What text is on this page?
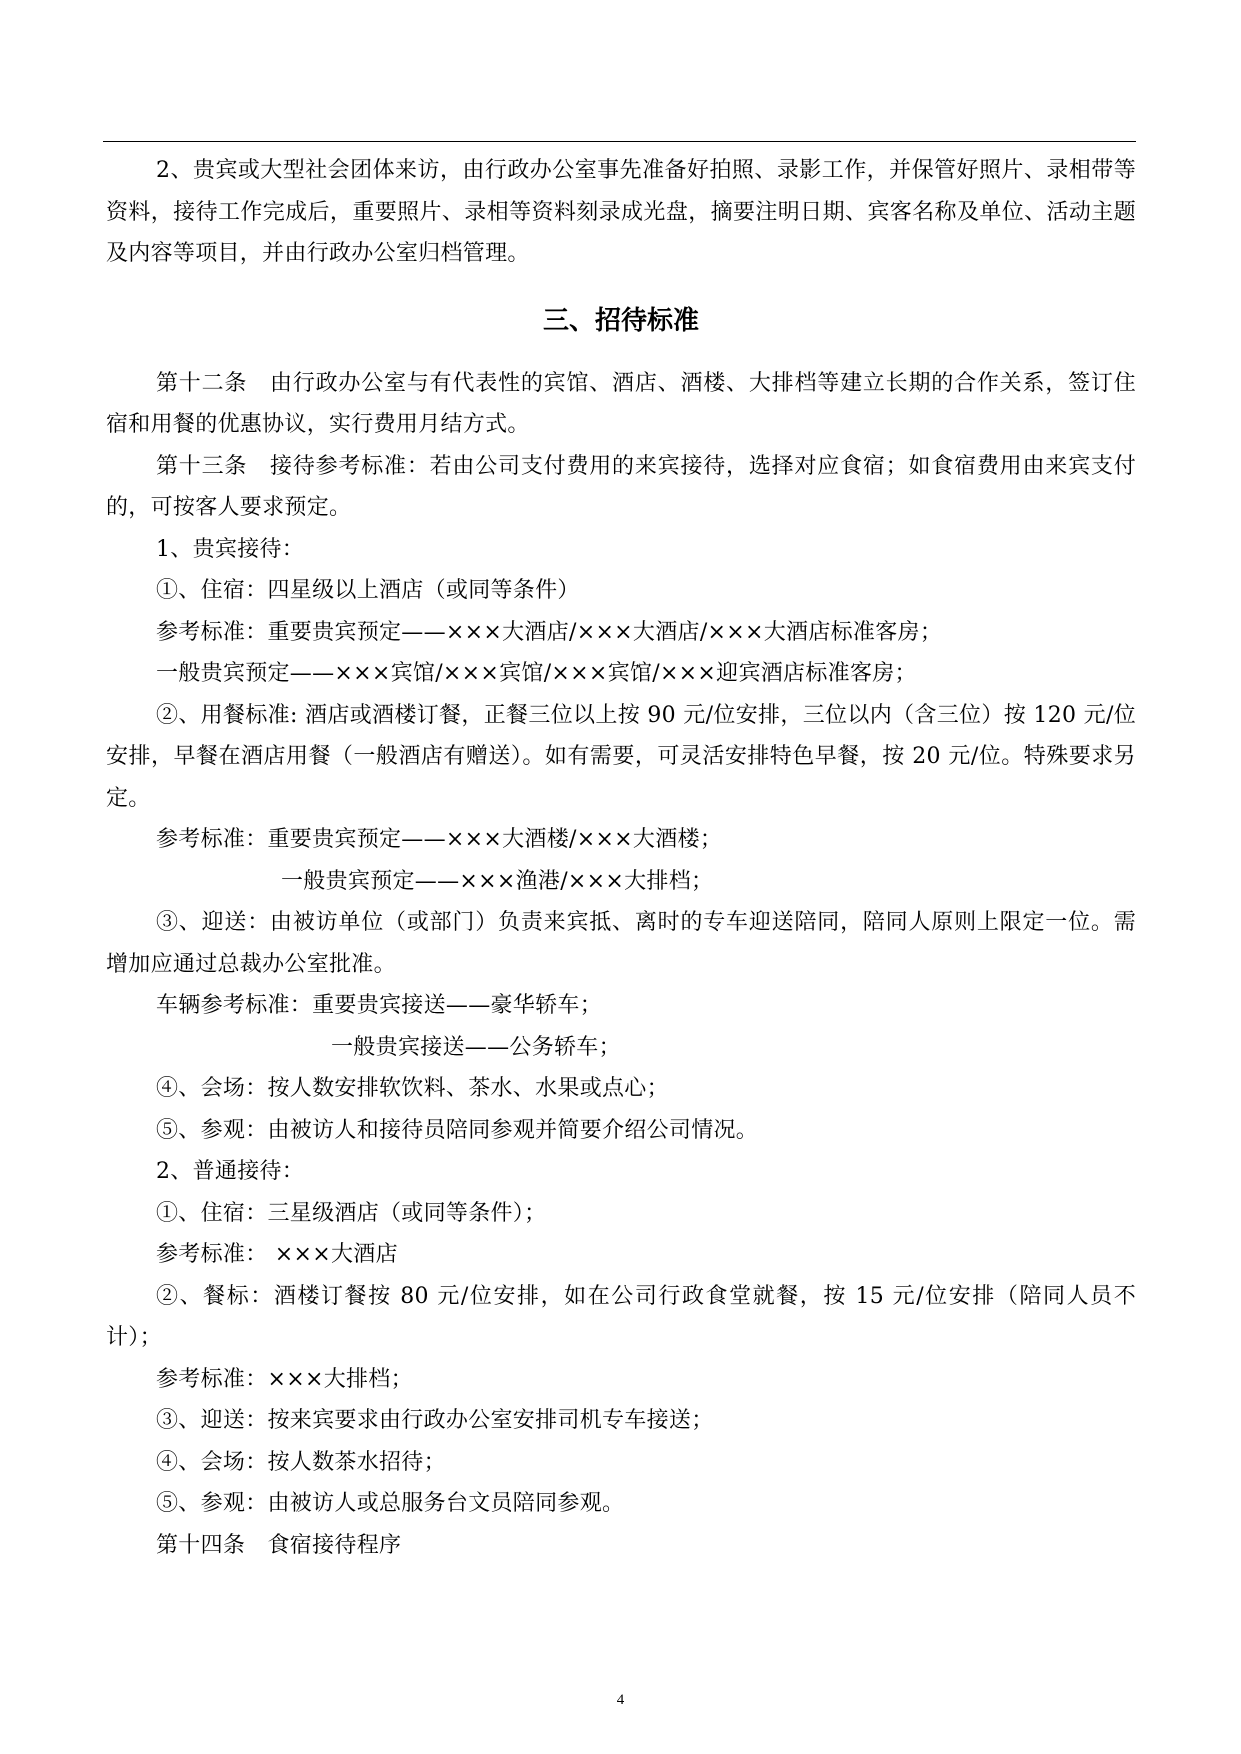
2、贵宾或大型社会团体来访，由行政办公室事先准备好拍照、录影工作，并保管好照片、录相带等资料，接待工作完成后，重要照片、录相等资料刻录成光盘，摘要注明日期、宾客名称及单位、活动主题及内容等项目，并由行政办公室归档管理。

三、招待标准

第十二条　由行政办公室与有代表性的宾馆、酒店、酒楼、大排档等建立长期的合作关系，签订住宿和用餐的优惠协议，实行费用月结方式。

第十三条　接待参考标准：若由公司支付费用的来宾接待，选择对应食宿；如食宿费用由来宾支付的，可按客人要求预定。

1、贵宾接待：

①、住宿：四星级以上酒店（或同等条件）

参考标准：重要贵宾预定——×××大酒店/×××大酒店/×××大酒店标准客房；

一般贵宾预定——×××宾馆/×××宾馆/×××宾馆/×××迎宾酒店标准客房；

②、用餐标准: 酒店或酒楼订餐，正餐三位以上按 90 元/位安排，三位以内（含三位）按 120 元/位安排，早餐在酒店用餐（一般酒店有赠送）。如有需要，可灵活安排特色早餐，按 20 元/位。特殊要求另定。

参考标准：重要贵宾预定——×××大酒楼/×××大酒楼；

一般贵宾预定——×××渔港/×××大排档；

③、迎送：由被访单位（或部门）负责来宾抵、离时的专车迎送陪同，陪同人原则上限定一位。需增加应通过总裁办公室批准。

车辆参考标准：重要贵宾接送——豪华轿车；

一般贵宾接送——公务轿车；

④、会场：按人数安排软饮料、茶水、水果或点心；

⑤、参观：由被访人和接待员陪同参观并简要介绍公司情况。

2、普通接待：

①、住宿：三星级酒店（或同等条件）；

参考标准： ×××大酒店

②、餐标：酒楼订餐按 80 元/位安排，如在公司行政食堂就餐，按 15 元/位安排（陪同人员不计）；

参考标准：×××大排档；

③、迎送：按来宾要求由行政办公室安排司机专车接送；

④、会场：按人数茶水招待；

⑤、参观：由被访人或总服务台文员陪同参观。

第十四条　食宿接待程序

4
